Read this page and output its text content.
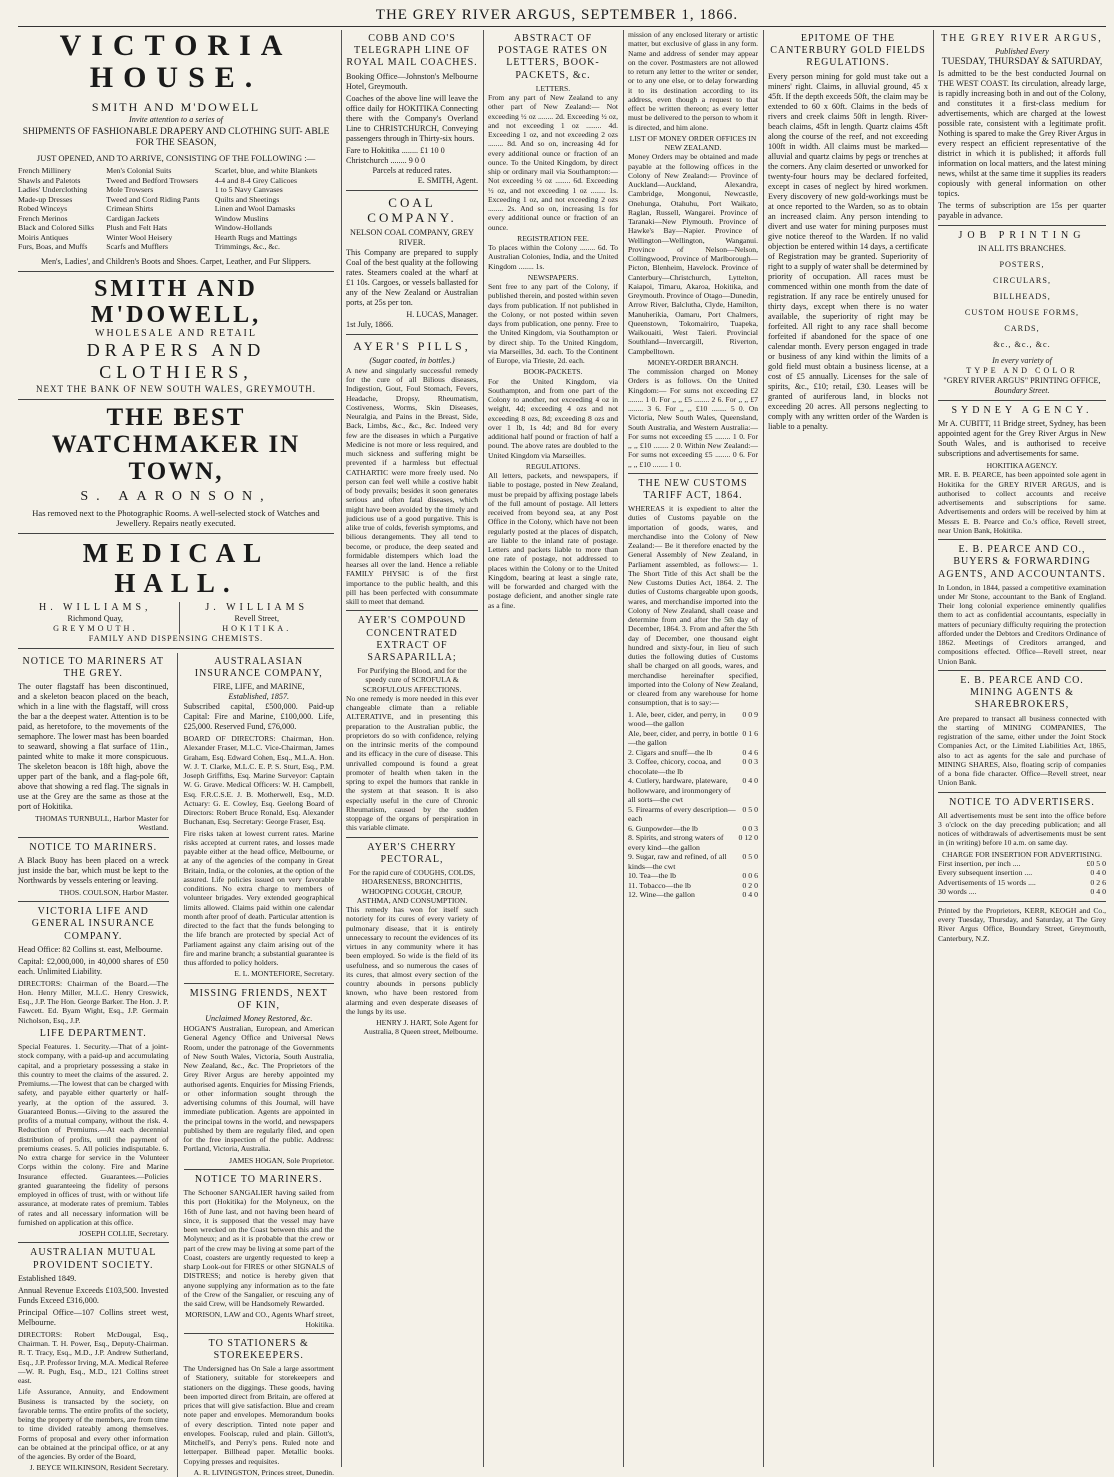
THE GREY RIVER ARGUS, SEPTEMBER 1, 1866.
VICTORIA HOUSE.
SMITH AND M'DOWELL
Invite attention to a series of
SHIPMENTS OF FASHIONABLE DRAPERY AND CLOTHING SUIT- ABLE FOR THE SEASON,
JUST OPENED, AND TO ARRIVE, CONSISTING OF THE FOLLOWING :—
French Millinery	Men's Colonial Suits	Scarlet, blue, and white Blankets
Shawls and Paletots	Tweed and Bedford Trowsers	4-4 and 8-4 Grey Calicoes
Ladies' Underclothing	Mole Trowsers	1 to 5 Navy Canvases
Made-up Dresses	Tweed and Cord Riding Pants	Quilts and Sheetings
Robed Winceys	Crimean Shirts	Linen and Wool Damasks
French Merinos	Cardigan Jackets	Window Muslins
Black and Colored Silks	Plush and Felt Hats	Window-Hollands
Moiris Antiques	Winter Wool Heisery	Hearth Rugs and Mattings
Furs, Boas, and Muffs	Scarfs and Mufflers	Trimmings, &c., &c.
Men's, Ladies', and Children's Boots and Shoes. Carpet, Leather, and Fur Slippers.
SMITH AND M'DOWELL,
WHOLESALE AND RETAIL
DRAPERS AND CLOTHIERS,
NEXT THE BANK OF NEW SOUTH WALES, GREYMOUTH.
THE BEST WATCHMAKER IN TOWN,
S. AARONSON,
Has removed next to the Photographic Rooms. A well-selected stock of Watches and Jewellery. Repairs neatly executed.
MEDICAL HALL.
H. WILLIAMS,
Richmond Quay,
GREYMOUTH.
J. WILLIAMS
Revell Street,
HOKITIKA.
FAMILY AND DISPENSING CHEMISTS.
NOTICE TO MARINERS AT THE GREY.

The outer flagstaff has been discontinued, and a skeleton beacon placed on the beach, which in a line with the flagstaff, will cross the bar a the deepest water. Attention is to be paid, as heretofore, to the movements of the semaphore. The lower mast has been boarded to seaward, showing a flat surface of 11in., painted white to make it more conspicuous. The skeleton beacon is 18ft high, above the upper part of the bank, and a flag-pole 6ft, above that showing a red flag. The signals in use at the Grey are the same as those at the port of Hokitika.

THOMAS TURNBULL, Harbor Master for Westland.
NOTICE TO MARINERS.

A Black Buoy has been placed on a wreck just inside the bar, which must be kept to the Northwards by vessels entering or leaving.

THOS. COULSON, Harbor Master.
VICTORIA LIFE AND GENERAL INSURANCE COMPANY.

Head Office: 82 Collins st. east, Melbourne.

Capital: £2,000,000, in 40,000 shares of £50 each. Unlimited Liability.

DIRECTORS: Chairman of the Board.—The Hon. Henry Miller, M.L.C. Henry Creswick, Esq., J.P. The Hon. George Barker. The Hon. J. P. Fawcett. Ed. Byam Wight, Esq., J.P. Germain Nicholson, Esq., J.P.

LIFE DEPARTMENT.

Special Features. 1. Security.—That of a joint-stock company, with a paid-up and accumulating capital, and a proprietary possessing a stake in this country to meet the claims of the assured. 2. Premiums.—The lowest that can be charged with safety, and payable either quarterly or half-yearly, at the option of the assured. 3. Guaranteed Bonus.—Giving to the assured the profits of a mutual company, without the risk. 4. Reduction of Premiums.—At each decennial distribution of profits, until the payment of premiums ceases. 5. All policies indisputable. 6. No extra charge for service in the Volunteer Corps within the colony. Fire and Marine Insurance effected. Guarantees.—Policies granted guaranteeing the fidelity of persons employed in offices of trust, with or without life assurance, at moderate rates of premium. Tables of rates and all necessary information will be furnished on application at this office.

JOSEPH COLLIE, Secretary.
AUSTRALIAN MUTUAL PROVIDENT SOCIETY.

Established 1849.

Annual Revenue Exceeds £103,500. Invested Funds Exceed £316,000.

Principal Office—107 Collins street west, Melbourne.

DIRECTORS: Robert McDougal, Esq., Chairman. T. H. Power, Esq., Deputy-Chairman. R. T. Tracy, Esq., M.D., J.P. Andrew Sutherland, Esq., J.P. Professor Irving, M.A. Medical Referee—W. R. Pugh, Esq., M.D., 121 Collins street east.

Life Assurance, Annuity, and Endowment Business is transacted by the society, on favorable terms. The entire profits of the society, being the property of the members, are from time to time divided rateably among themselves. Forms of proposal and every other information can be obtained at the principal office, or at any of the agencies. By order of the Board,

J. BEYCE WILKINSON, Resident Secretary.
AUSTRALASIAN INSURANCE COMPANY,
FIRE, LIFE, and MARINE,
Established, 1857.

Subscribed capital, £500,000. Paid-up Capital: Fire and Marine, £100,000. Life, £25,000. Reserved Fund, £76,000.

BOARD OF DIRECTORS: Chairman, Hon. Alexander Fraser, M.L.C. Vice-Chairman, James Graham, Esq. Edward Cohen, Esq., M.L.A. Hon. W. J. T. Clarke, M.L.C. E. P. S. Sturt, Esq., P.M. Joseph Griffiths, Esq. Marine Surveyor: Captain W. G. Grave. Medical Officers: W. H. Campbell, Esq. F.R.C.S.E. J. B. Motherwell, Esq., M.D. Actuary: G. E. Cowley, Esq. Geelong Board of Directors: Robert Bruce Ronald, Esq. Alexander Buchanan, Esq. Secretary: George Fraser, Esq.

Fire risks taken at lowest current rates. Marine risks accepted at current rates, and losses made payable either at the head office, Melbourne, or at any of the agencies of the company in Great Britain, India, or the colonies, at the option of the assured. Life policies issued on very favorable conditions. No extra charge to members of volunteer brigades. Very extended geographical limits allowed. Claims paid within one calendar month after proof of death. Particular attention is directed to the fact that the funds belonging to the life branch are protected by special Act of Parliament against any claim arising out of the fire and marine branch; a substantial guarantee is thus afforded to policy holders.

E. L. MONTEFIORE, Secretary.
MISSING FRIENDS, NEXT OF KIN,
Unclaimed Money Restored, &c.

HOGAN'S Australian, European, and American General Agency Office and Universal News Room, under the patronage of the Governments of New South Wales, Victoria, South Australia, New Zealand, &c., &c. The Proprietors of the Grey River Argus are hereby appointed my authorised agents. Enquiries for Missing Friends, or other information sought through the advertising columns of this Journal, will have immediate publication. Agents are appointed in the principal towns in the world, and newspapers published by them are regularly filed, and open for the free inspection of the public. Address: Portland, Victoria, Australia.

JAMES HOGAN, Sole Proprietor.
NOTICE TO MARINERS.

The Schooner SANGALIER having sailed from this port (Hokitika) for the Molyneux, on the 16th of June last, and not having been heard of since, it is supposed that the vessel may have been wrecked on the Coast between this and the Molyneux; and as it is probable that the crew or part of the crew may be living at some part of the Coast, coasters are urgently requested to keep a sharp Look-out for FIRES or other SIGNALS of DISTRESS; and notice is hereby given that anyone supplying any information as to the fate of the Crew of the Sangalier, or rescuing any of the said Crew, will be Handsomely Rewarded.

MORISON, LAW and CO., Agents Wharf street, Hokitika.
TO STATIONERS & STOREKEEPERS.

The Undersigned has On Sale a large assortment of Stationery, suitable for storekeepers and stationers on the diggings. These goods, having been imported direct from Britain, are offered at prices that will give satisfaction. Blue and cream note paper and envelopes. Memorandum books of every description. Tinted note paper and envelopes. Foolscap, ruled and plain. Gillott's, Mitchell's, and Perry's pens. Ruled note and letterpaper. Billhead paper. Metallic books. Copying presses and requisites.

A. R. LIVINGSTON, Princes street, Dunedin.
COBB AND CO'S TELEGRAPH LINE OF ROYAL MAIL COACHES.

Booking Office—Johnston's Melbourne Hotel, Greymouth.

Coaches of the above line will leave the office daily for HOKITIKA Connecting there with the Company's Overland Line to CHRISTCHURCH, Conveying passengers through in Thirty-six hours.

Fare to Hokitika ........ £1 10 0
Christchurch ........ 9 0 0
Parcels at reduced rates.
E. SMITH, Agent.
COAL COMPANY.
NELSON COAL COMPANY, GREY RIVER.

This Company are prepared to supply Coal of the best quality at the following rates. Steamers coaled at the wharf at £1 10s. Cargoes, or vessels ballasted for any of the New Zealand or Australian ports, at 25s per ton.

H. LUCAS, Manager.
1st July, 1866.
AYER'S PILLS,
(Sugar coated, in bottles.)

A new and singularly successful remedy for the cure of all Bilious diseases, Indigestion, Gout, Foul Stomach, Fevers, Headache, Dropsy, Rheumatism, Costiveness, Worms, Skin Diseases, Neuralgia, and Pains in the Breast, Side, Back, Limbs, &c., &c., &c. Indeed very few are the diseases in which a Purgative Medicine is not more or less required, and much sickness and suffering might be prevented if a harmless but effectual CATHARTIC were more freely used. No person can feel well while a costive habit of body prevails; besides it soon generates serious and often fatal diseases, which might have been avoided by the timely and judicious use of a good purgative. This is alike true of colds, feverish symptoms, and bilious derangements. They all tend to become, or produce, the deep seated and formidable distempers which load the hearses all over the land. Hence a reliable FAMILY PHYSIC is of the first importance to the public health, and this pill has been perfected with consummate skill to meet that demand.

AYER'S COMPOUND CONCENTRATED EXTRACT OF SARSAPARILLA;
For Purifying the Blood, and for the speedy cure of SCROFULA & SCROFULOUS AFFECTIONS.

No one remedy is more needed in this ever changeable climate than a reliable ALTERATIVE, and in presenting this preparation to the Australian public, the proprietors do so with confidence, relying on the intrinsic merits of the compound and its efficacy in the cure of disease. This unrivalled compound is found a great promoter of health when taken in the spring to expel the humors that rankle in the system at that season. It is also especially useful in the cure of Chronic Rheumatism, caused by the sudden stoppage of the organs of perspiration in this variable climate.

AYER'S CHERRY PECTORAL,
For the rapid cure of COUGHS, COLDS, HOARSENESS, BRONCHITIS, WHOOPING COUGH, CROUP, ASTHMA, AND CONSUMPTION.

This remedy has won for itself such notoriety for its cures of every variety of pulmonary disease, that it is entirely unnecessary to recount the evidences of its virtues in any community where it has been employed. So wide is the field of its usefulness, and so numerous the cases of its cures, that almost every section of the country abounds in persons publicly known, who have been restored from alarming and even desperate diseases of the lungs by its use.

HENRY J. HART, Sole Agent for Australia, 8 Queen street, Melbourne.
ABSTRACT OF POSTAGE RATES ON LETTERS, BOOK-PACKETS, &c.
LETTERS.

From any part of New Zealand to any other part of New Zealand:— Not exceeding ½ oz ........ 2d. Exceeding ½ oz, and not exceeding 1 oz ........ 4d. Exceeding 1 oz, and not exceeding 2 ozs ........ 8d. And so on, increasing 4d for every additional ounce or fraction of an ounce. To the United Kingdom, by direct ship or ordinary mail via Southampton:— Not exceeding ½ oz ........ 6d. Exceeding ½ oz, and not exceeding 1 oz ........ 1s. Exceeding 1 oz, and not exceeding 2 ozs ........ 2s. And so on, increasing 1s for every additional ounce or fraction of an ounce.

REGISTRATION FEE.

To places within the Colony ........ 6d. To Australian Colonies, India, and the United Kingdom ........ 1s.

NEWSPAPERS.

Sent free to any part of the Colony, if published therein, and posted within seven days from publication. If not published in the Colony, or not posted within seven days from publication, one penny. Free to the United Kingdom, via Southampton or by direct ship. To the United Kingdom, via Marseilles, 3d. each. To the Continent of Europe, via Trieste, 2d. each.

BOOK-PACKETS.

For the United Kingdom, via Southampton, and from one part of the Colony to another, not exceeding 4 oz in weight, 4d; exceeding 4 ozs and not exceeding 8 ozs, 8d; exceeding 8 ozs and over 1 lb, 1s 4d; and 8d for every additional half pound or fraction of half a pound. The above rates are doubled to the United Kingdom via Marseilles.

REGULATIONS.

All letters, packets, and newspapers, if liable to postage, posted in New Zealand, must be prepaid by affixing postage labels of the full amount of postage. All letters received from beyond sea, at any Post Office in the Colony, which have not been regularly posted at the places of dispatch, are liable to the inland rate of postage. Letters and packets liable to more than one rate of postage, not addressed to places within the Colony or to the United Kingdom, bearing at least a single rate, will be forwarded and charged with the postage deficient, and another single rate as a fine.

mission of any enclosed literary or artistic matter, but exclusive of glass in any form. Name and address of sender may appear on the cover. Postmasters are not allowed to return any letter to the writer or sender, or to any one else, or to delay forwarding it to its destination according to its address, even though a request to that effect be written thereon; as every letter must be delivered to the person to whom it is directed, and him alone.

LIST OF MONEY ORDER OFFICES IN NEW ZEALAND.

Money Orders may be obtained and made payable at the following offices in the Colony of New Zealand:— Province of Auckland—Auckland, Alexandra, Cambridge, Mongonui, Newcastle, Onehunga, Otahuhu, Port Waikato, Raglan, Russell, Wangarei. Province of Taranaki—New Plymouth. Province of Hawke's Bay—Napier. Province of Wellington—Wellington, Wanganui. Province of Nelson—Nelson, Collingwood, Province of Marlborough—Picton, Blenheim, Havelock. Province of Canterbury—Christchurch, Lyttelton, Kaiapoi, Timaru, Akaroa, Hokitika, and Greymouth. Province of Otago—Dunedin, Arrow River, Balclutha, Clyde, Hamilton, Manuherikia, Oamaru, Port Chalmers, Queenstown, Tokomairiro, Tuapeka, Waikouaiti, West Taieri. Provincial Southland—Invercargill, Riverton, Campbelltown.

MONEY-ORDER BRANCH.

The commission charged on Money Orders is as follows. On the United Kingdom:— For sums not exceeding £2 ........ 1 0. For ,, ,, £5 ........ 2 6. For ,, ,, £7 ........ 3 6. For ,, ,, £10 ........ 5 0. On Victoria, New South Wales, Queensland, South Australia, and Western Australia:— For sums not exceeding £5 ........ 1 0. For ,, ,, £10 ........ 2 0. Within New Zealand:— For sums not exceeding £5 ........ 0 6. For ,, ,, £10 ........ 1 0.

THE NEW CUSTOMS TARIFF ACT, 1864.

WHEREAS it is expedient to alter the duties of Customs payable on the importation of goods, wares, and merchandise into the Colony of New Zealand:— Be it therefore enacted by the General Assembly of New Zealand, in Parliament assembled, as follows:— 1. The Short Title of this Act shall be the New Customs Duties Act, 1864. 2. The duties of Customs chargeable upon goods, wares, and merchandise imported into the Colony of New Zealand, shall cease and determine from and after the 5th day of December, 1864. 3. From and after the 5th day of December, one thousand eight hundred and sixty-four, in lieu of such duties the following duties of Customs shall be charged on all goods, wares, and merchandise hereinafter specified, imported into the Colony of New Zealand, or cleared from any warehouse for home consumption, that is to say:—

1. Ale, beer, cider, and perry, in wood—the gallon	0 0 9
Ale, beer, cider, and perry, in bottle—the gallon	0 1 6
2. Cigars and snuff—the lb	0 4 6
3. Coffee, chicory, cocoa, and chocolate—the lb	0 0 3
4. Cutlery, hardware, plateware, hollowware, and ironmongery of all sorts—the cwt	0 4 0
5. Firearms of every description—each	0 5 0
6. Gunpowder—the lb	0 0 3
8. Spirits, and strong waters of every kind—the gallon	0 12 0
9. Sugar, raw and refined, of all kinds—the cwt	0 5 0
10. Tea—the lb	0 0 6
11. Tobacco—the lb	0 2 0
12. Wine—the gallon	0 4 0
EPITOME OF THE CANTERBURY GOLD FIELDS REGULATIONS.

Every person mining for gold must take out a miners' right. Claims, in alluvial ground, 45 x 45ft. If the depth exceeds 50ft, the claim may be extended to 60 x 60ft. Claims in the beds of rivers and creek claims 50ft in length. River-beach claims, 45ft in length. Quartz claims 45ft along the course of the reef, and not exceeding 100ft in width. All claims must be marked—alluvial and quartz claims by pegs or trenches at the corners. Any claim deserted or unworked for twenty-four hours may be declared forfeited, except in cases of neglect by hired workmen. Every discovery of new gold-workings must be at once reported to the Warden, so as to obtain an increased claim. Any person intending to divert and use water for mining purposes must give notice thereof to the Warden. If no valid objection be entered within 14 days, a certificate of Registration may be granted. Superiority of right to a supply of water shall be determined by priority of occupation. All races must be commenced within one month from the date of registration. If any race be entirely unused for thirty days, except when there is no water available, the superiority of right may be forfeited. All right to any race shall become forfeited if abandoned for the space of one calendar month. Every person engaged in trade or business of any kind within the limits of a gold field must obtain a business license, at a cost of £5 annually. Licenses for the sale of spirits, &c., £10; retail, £30. Leases will be granted of auriferous land, in blocks not exceeding 20 acres. All persons neglecting to comply with any written order of the Warden is liable to a penalty.

THE GREY RIVER ARGUS,
Published Every
TUESDAY, THURSDAY & SATURDAY,

Is admitted to be the best conducted Journal on THE WEST COAST. Its circulation, already large, is rapidly increasing both in and out of the Colony, and constitutes it a first-class medium for advertisements, which are charged at the lowest possible rate, consistent with a legitimate profit. Nothing is spared to make the Grey River Argus in every respect an efficient representative of the district in which it is published; it affords full information on local matters, and the latest mining news, whilst at the same time it supplies its readers copiously with general information on other topics.

The terms of subscription are 15s per quarter payable in advance.

JOB PRINTING
IN ALL ITS BRANCHES.
POSTERS,
CIRCULARS,
BILLHEADS,
CUSTOM HOUSE FORMS,
CARDS,
&c., &c., &c.
In every variety of
TYPE AND COLOR
"GREY RIVER ARGUS" PRINTING OFFICE,
Boundary Street.
SYDNEY AGENCY.

Mr A. CUBITT, 11 Bridge street, Sydney, has been appointed agent for the Grey River Argus in New South Wales, and is authorised to receive subscriptions and advertisements for same.

HOKITIKA AGENCY.

MR. E. B. PEARCE, has been appointed sole agent in Hokitika for the GREY RIVER ARGUS, and is authorised to collect accounts and receive advertisements and subscriptions for same. Advertisements and orders will be received by him at Messrs E. B. Pearce and Co.'s office, Revell street, near Union Bank, Hokitika.

E. B. PEARCE AND CO., BUYERS & FORWARDING AGENTS, AND ACCOUNTANTS.

In London, in 1844, passed a competitive examination under Mr Stone, accountant to the Bank of England. Their long colonial experience eminently qualifies them to act as confidential accountants, especially in matters of pecuniary difficulty requiring the protection afforded under the Debtors and Creditors Ordinance of 1862. Meetings of Creditors arranged, and compositions effected. Office—Revell street, near Union Bank.

E. B. PEARCE AND CO. MINING AGENTS & SHAREBROKERS,

Are prepared to transact all business connected with the starting of MINING COMPANIES, The registration of the same, either under the Joint Stock Companies Act, or the Limited Liabilities Act, 1865, also to act as agents for the sale and purchase of MINING SHARES, Also, floating scrip of companies of a bona fide character. Office—Revell street, near Union Bank.

NOTICE TO ADVERTISERS.

All advertisements must be sent into the office before 3 o'clock on the day preceding publication; and all notices of withdrawals of advertisements must be sent in (in writing) before 10 a.m. on same day.

CHARGE FOR INSERTION FOR ADVERTISING.
First insertion, per inch ....	£0 5 0
Every subsequent insertion ....	0 4 0
Advertisements of 15 words ....	0 2 6
30 words ....	0 4 0

Printed by the Proprietors, KERR, KEOGH and Co., every Tuesday, Thursday, and Saturday, at The Grey River Argus Office, Boundary Street, Greymouth, Canterbury, N.Z.
